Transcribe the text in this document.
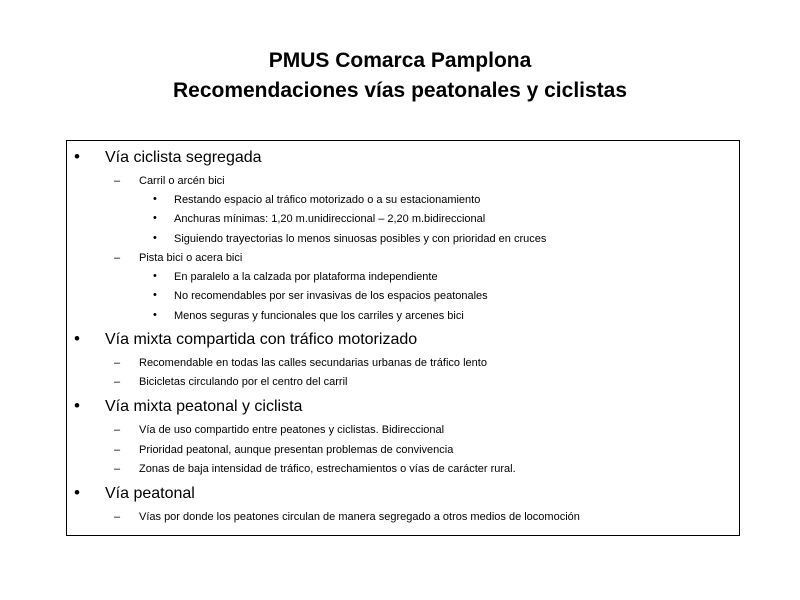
PMUS Comarca Pamplona
Recomendaciones vías peatonales y ciclistas
• Vía ciclista segregada
– Carril o arcén bici
• Restando espacio al tráfico motorizado o a su estacionamiento
• Anchuras mínimas: 1,20 m.unidireccional – 2,20 m.bidireccional
• Siguiendo trayectorias lo menos sinuosas posibles y con prioridad en cruces
– Pista bici o acera bici
• En paralelo a la calzada por plataforma independiente
• No recomendables por ser invasivas de los espacios peatonales
• Menos seguras y funcionales que los carriles y arcenes bici
• Vía mixta compartida con tráfico motorizado
– Recomendable en todas las calles secundarias urbanas de tráfico lento
– Bicicletas circulando por el centro del carril
• Vía mixta peatonal y ciclista
– Vía de uso compartido entre peatones y ciclistas. Bidireccional
– Prioridad peatonal, aunque presentan problemas de convivencia
– Zonas de baja intensidad de tráfico, estrechamientos o vías de carácter rural.
• Vía peatonal
– Vías por donde los peatones circulan de manera segregado a otros medios de locomoción
